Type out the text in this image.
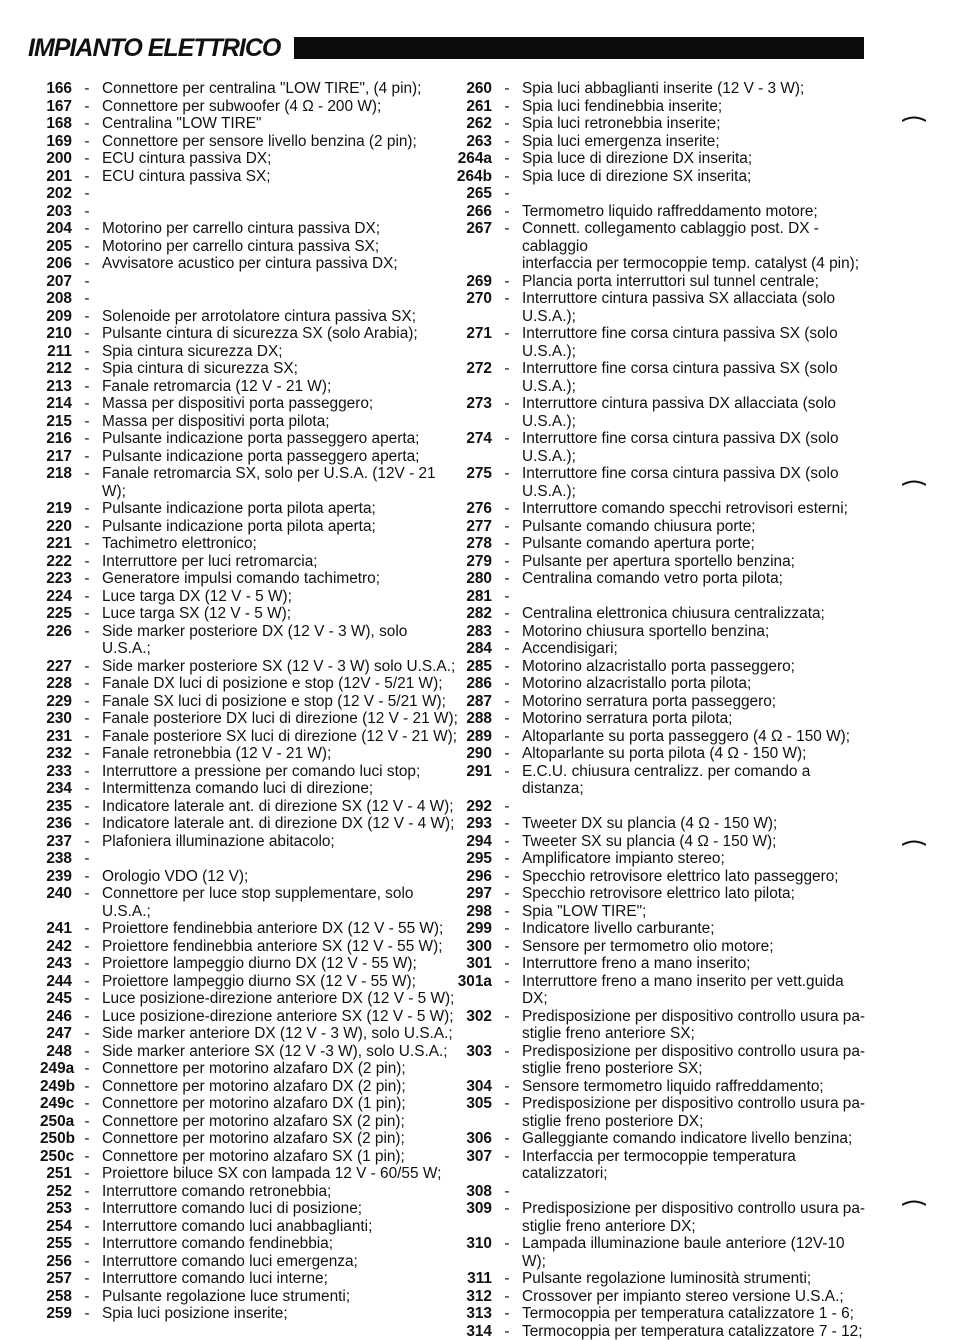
IMPIANTO ELETTRICO
166 - Connettore per centralina "LOW TIRE", (4 pin);
167 - Connettore per subwoofer (4 Ω - 200 W);
168 - Centralina "LOW TIRE"
169 - Connettore per sensore livello benzina (2 pin);
200 - ECU cintura passiva DX;
201 - ECU cintura passiva SX;
202 -
203 -
204 - Motorino per carrello cintura passiva DX;
205 - Motorino per carrello cintura passiva SX;
206 - Avvisatore acustico per cintura passiva DX;
207 -
208 -
209 - Solenoide per arrotolatore cintura passiva SX;
210 - Pulsante cintura di sicurezza SX (solo Arabia);
211 - Spia cintura sicurezza DX;
212 - Spia cintura di sicurezza SX;
213 - Fanale retromarcia (12 V - 21 W);
214 - Massa per dispositivi porta passeggero;
215 - Massa per dispositivi porta pilota;
216 - Pulsante indicazione porta passeggero aperta;
217 - Pulsante indicazione porta passeggero aperta;
218 - Fanale retromarcia SX, solo per U.S.A. (12V - 21 W);
219 - Pulsante indicazione porta pilota aperta;
220 - Pulsante indicazione porta pilota aperta;
221 - Tachimetro elettronico;
222 - Interruttore per luci retromarcia;
223 - Generatore impulsi comando tachimetro;
224 - Luce targa DX (12 V - 5 W);
225 - Luce targa SX (12 V - 5 W);
226 - Side marker posteriore DX (12 V - 3 W), solo U.S.A.;
227 - Side marker posteriore SX (12 V - 3 W) solo U.S.A.;
228 - Fanale DX luci di posizione e stop (12V - 5/21 W);
229 - Fanale SX luci di posizione e stop (12 V - 5/21 W);
230 - Fanale posteriore DX luci di direzione (12 V - 21 W);
231 - Fanale posteriore SX luci di direzione (12 V - 21 W);
232 - Fanale retronebbia (12 V - 21 W);
233 - Interruttore a pressione per comando luci stop;
234 - Intermittenza comando luci di direzione;
235 - Indicatore laterale ant. di direzione SX (12 V - 4 W);
236 - Indicatore laterale ant. di direzione DX (12 V - 4 W);
237 - Plafoniera illuminazione abitacolo;
238 -
239 - Orologio VDO (12 V);
240 - Connettore per luce stop supplementare, solo U.S.A.;
241 - Proiettore fendinebbia anteriore DX (12 V - 55 W);
242 - Proiettore fendinebbia anteriore SX (12 V - 55 W);
243 - Proiettore lampeggio diurno DX (12 V - 55 W);
244 - Proiettore lampeggio diurno SX (12 V - 55 W);
245 - Luce posizione-direzione anteriore DX (12 V - 5 W);
246 - Luce posizione-direzione anteriore SX (12 V - 5 W);
247 - Side marker anteriore DX (12 V - 3 W), solo U.S.A.;
248 - Side marker anteriore SX (12 V -3 W), solo U.S.A.;
249a - Connettore per motorino alzafaro DX (2 pin);
249b - Connettore per motorino alzafaro DX (2 pin);
249c - Connettore per motorino alzafaro DX (1 pin);
250a - Connettore per motorino alzafaro SX (2 pin);
250b - Connettore per motorino alzafaro SX (2 pin);
250c - Connettore per motorino alzafaro SX (1 pin);
251 - Proiettore biluce SX con lampada 12 V - 60/55 W;
252 - Interruttore comando retronebbia;
253 - Interruttore comando luci di posizione;
254 - Interruttore comando luci anabbaglianti;
255 - Interruttore comando fendinebbia;
256 - Interruttore comando luci emergenza;
257 - Interruttore comando luci interne;
258 - Pulsante regolazione luce strumenti;
259 - Spia luci posizione inserite;
260 - Spia luci abbaglianti inserite (12 V - 3 W);
261 - Spia luci fendinebbia inserite;
262 - Spia luci retronebbia inserite;
263 - Spia luci emergenza inserite;
264a - Spia luce di direzione DX inserita;
264b - Spia luce di direzione SX inserita;
265 -
266 - Termometro liquido raffreddamento motore;
267 - Connett. collegamento cablaggio post. DX - cablaggio
interfaccia per termocoppie temp. catalyst (4 pin);
269 - Plancia porta interruttori sul tunnel centrale;
270 - Interruttore cintura passiva SX allacciata (solo
U.S.A.);
271 - Interruttore fine corsa cintura passiva SX (solo
U.S.A.);
272 - Interruttore fine corsa cintura passiva SX (solo
U.S.A.);
273 - Interruttore cintura passiva DX allacciata (solo
U.S.A.);
274 - Interruttore fine corsa cintura passiva DX (solo
U.S.A.);
275 - Interruttore fine corsa cintura passiva DX (solo
U.S.A.);
276 - Interruttore comando specchi retrovisori esterni;
277 - Pulsante comando chiusura porte;
278 - Pulsante comando apertura porte;
279 - Pulsante per apertura sportello benzina;
280 - Centralina comando vetro porta pilota;
281 -
282 - Centralina elettronica chiusura centralizzata;
283 - Motorino chiusura sportello benzina;
284 - Accendisigari;
285 - Motorino alzacristallo porta passeggero;
286 - Motorino alzacristallo porta pilota;
287 - Motorino serratura porta passeggero;
288 - Motorino serratura porta pilota;
289 - Altoparlante su porta passeggero (4 Ω - 150 W);
290 - Altoparlante su porta pilota (4 Ω - 150 W);
291 - E.C.U. chiusura centralizz. per comando a distanza;
292 -
293 - Tweeter DX su plancia (4 Ω - 150 W);
294 - Tweeter SX su plancia (4 Ω - 150 W);
295 - Amplificatore impianto stereo;
296 - Specchio retrovisore elettrico lato passeggero;
297 - Specchio retrovisore elettrico lato pilota;
298 - Spia "LOW TIRE";
299 - Indicatore livello carburante;
300 - Sensore per termometro olio motore;
301 - Interruttore freno a mano inserito;
301a - Interruttore freno a mano inserito per vett.guida DX;
302 - Predisposizione per dispositivo controllo usura pa-
stiglie freno anteriore SX;
303 - Predisposizione per dispositivo controllo usura pa-
stiglie freno posteriore SX;
304 - Sensore termometro liquido raffreddamento;
305 - Predisposizione per dispositivo controllo usura pa-
stiglie freno posteriore DX;
306 - Galleggiante comando indicatore livello benzina;
307 - Interfaccia per termocoppie temperatura catalizzatori;
308 -
309 - Predisposizione per dispositivo controllo usura pa-
stiglie freno anteriore DX;
310 - Lampada illuminazione baule anteriore (12V-10 W);
311 - Pulsante regolazione luminosità strumenti;
312 - Crossover per impianto stereo versione U.S.A.;
313 - Termocoppia per temperatura catalizzatore 1 - 6;
314 - Termocoppia per temperatura catalizzatore 7 - 12;
